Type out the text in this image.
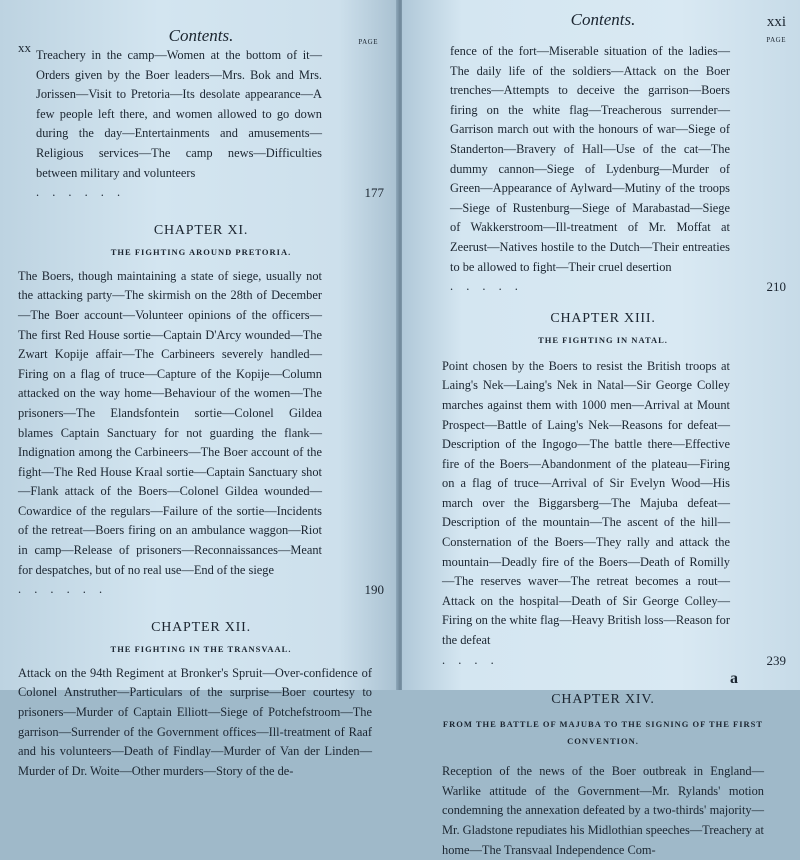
xx
Contents.	PAGE
Treachery in the camp—Women at the bottom of it—Orders given by the Boer leaders—Mrs. Bok and Mrs. Jorissen—Visit to Pretoria—Its desolate appearance—A few people left there, and women allowed to go down during the day—Entertainments and amusements—Religious services—The camp news—Difficulties between military and volunteers
. . . . . .	177

CHAPTER XI.

THE FIGHTING AROUND PRETORIA.

The Boers, though maintaining a state of siege, usually not the attacking party—The skirmish on the 28th of December—The Boer account—Volunteer opinions of the officers—The first Red House sortie—Captain D'Arcy wounded—The Zwart Kopije affair—The Carbineers severely handled—Firing on a flag of truce—Capture of the Kopije—Column attacked on the way home—Behaviour of the women—The prisoners—The Elandsfontein sortie—Colonel Gildea blames Captain Sanctuary for not guarding the flank—Indignation among the Carbineers—The Boer account of the fight—The Red House Kraal sortie—Captain Sanctuary shot—Flank attack of the Boers—Colonel Gildea wounded—Cowardice of the regulars—Failure of the sortie—Incidents of the retreat—Boers firing on an ambulance waggon—Riot in camp—Release of prisoners—Reconnaissances—Meant for despatches, but of no real use—End of the siege
. . . . . .	190

CHAPTER XII.

THE FIGHTING IN THE TRANSVAAL.

Attack on the 94th Regiment at Bronker's Spruit—Over-confidence of Colonel Anstruther—Particulars of the surprise—Boer courtesy to prisoners—Murder of Captain Elliott—Siege of Potchefstroom—The garrison—Surrender of the Government offices—Ill-treatment of Raaf and his volunteers—Death of Findlay—Murder of Van der Linden—Murder of Dr. Woite—Other murders—Story of the de-
Contents.	xxi
PAGE
fence of the fort—Miserable situation of the ladies—The daily life of the soldiers—Attack on the Boer trenches—Attempts to deceive the garrison—Boers firing on the white flag—Treacherous surrender—Garrison march out with the honours of war—Siege of Standerton—Bravery of Hall—Use of the cat—The dummy cannon—Siege of Lydenburg—Murder of Green—Appearance of Aylward—Mutiny of the troops—Siege of Rustenburg—Siege of Marabastad—Siege of Wakkerstroom—Ill-treatment of Mr. Moffat at Zeerust—Natives hostile to the Dutch—Their entreaties to be allowed to fight—Their cruel desertion
. . . . .	210

CHAPTER XIII.

THE FIGHTING IN NATAL.

Point chosen by the Boers to resist the British troops at Laing's Nek—Laing's Nek in Natal—Sir George Colley marches against them with 1000 men—Arrival at Mount Prospect—Battle of Laing's Nek—Reasons for defeat—Description of the Ingogo—The battle there—Effective fire of the Boers—Abandonment of the plateau—Firing on a flag of truce—Arrival of Sir Evelyn Wood—His march over the Biggarsberg—The Majuba defeat—Description of the mountain—The ascent of the hill—Consternation of the Boers—They rally and attack the mountain—Deadly fire of the Boers—Death of Romilly—The reserves waver—The retreat becomes a rout—Attack on the hospital—Death of Sir George Colley—Firing on the white flag—Heavy British loss—Reason for the defeat
. . . .	239

CHAPTER XIV.

FROM THE BATTLE OF MAJUBA TO THE SIGNING OF THE FIRST CONVENTION.

Reception of the news of the Boer outbreak in England—Warlike attitude of the Government—Mr. Rylands' motion condemning the annexation defeated by a two-thirds' majority—Mr. Gladstone repudiates his Midlothian speeches—Treachery at home—The Transvaal Independence Com-
a
